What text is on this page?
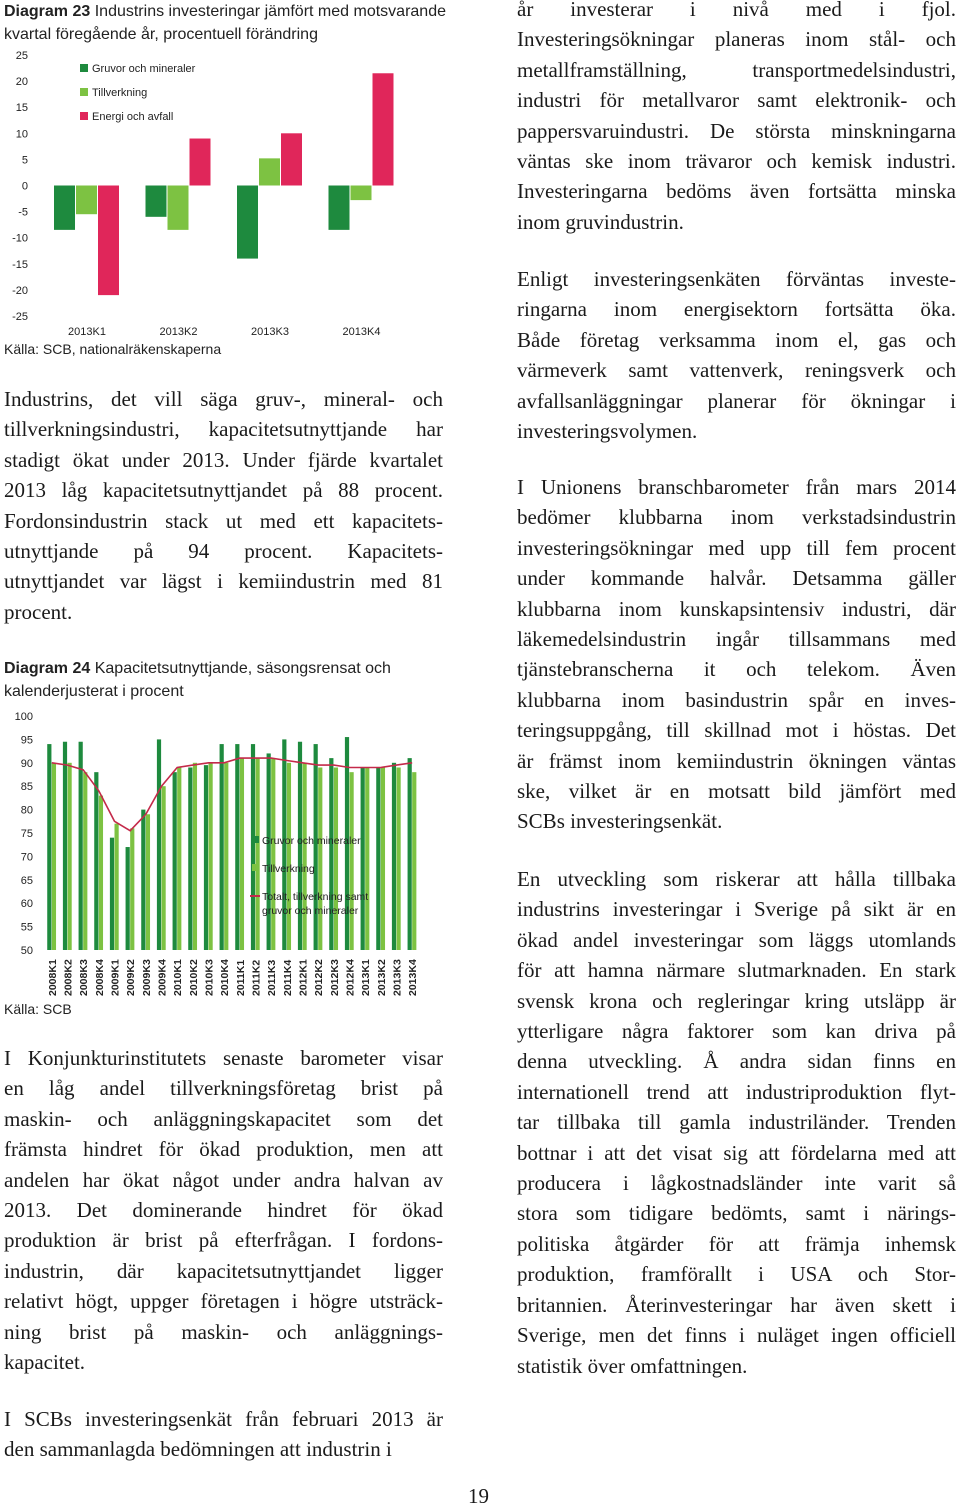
Diagram 23 Industrins investeringar jämfört med motsvarande
kvartal föregående år, procentuell förändring
25
20
15
10
5
0
-5
-10
-15
-20
-25
2013K1	2013K2	2013K3	2013K4
Gruvor och mineraler
Tillverkning
Energi och avfall
Källa: SCB, nationalräkenskaperna
Diagram 24 Kapacitetsutnyttjande, säsongsrensat och
kalenderjusterat i procent
100
95
90
85
80
75
70
65
60
55
50
2008K1 2008K2 2008K3 2008K4 2009K1 2009K2 2009K3 2009K4 2010K1 2010K2 2010K3 2010K4 2011K1 2011K2 2011K3 2011K4 2012K1 2012K2 2012K3 2012K4 2013K1 2013K2 2013K3 2013K4
Gruvor och mineraler
Tillverkning
Totalt, tillverkning samt
gruvor och mineraler
Källa: SCB
Industrins, det vill säga gruv-, mineral- och
tillverkningsindustri, kapacitetsutnyttjande har
stadigt ökat under 2013. Under fjärde kvartalet
2013 låg kapacitetsutnyttjandet på 88 procent.
Fordonsindustrin stack ut med ett kapacitets-
utnyttjande på 94 procent. Kapacitets-
utnyttjandet var lägst i kemiindustrin med 81
procent.
I Konjunkturinstitutets senaste barometer visar
en låg andel tillverkningsföretag brist på
maskin- och anläggningskapacitet som det
främsta hindret för ökad produktion, men att
andelen har ökat något under andra halvan av
2013. Det dominerande hindret för ökad
produktion är brist på efterfrågan. I fordons-
industrin, där kapacitetsutnyttjandet ligger
relativt högt, uppger företagen i högre utsträck-
ning brist på maskin- och anläggnings-
kapacitet.
I SCBs investeringsenkät från februari 2013 är
den sammanlagda bedömningen att industrin i
år investerar i nivå med i fjol.
Investeringsökningar planeras inom stål- och
metallframställning, transportmedelsindustri,
industri för metallvaror samt elektronik- och
pappersvaruindustri. De största minskningarna
väntas ske inom trävaror och kemisk industri.
Investeringarna bedöms även fortsätta minska
inom gruvindustrin.
Enligt investeringsenkäten förväntas investe-
ringarna inom energisektorn fortsätta öka.
Både företag verksamma inom el, gas och
värmeverk samt vattenverk, reningsverk och
avfallsanläggningar planerar för ökningar i
investeringsvolymen.
I Unionens branschbarometer från mars 2014
bedömer klubbarna inom verkstadsindustrin
investeringsökningar med upp till fem procent
under kommande halvår. Detsamma gäller
klubbarna inom kunskapsintensiv industri, där
läkemedelsindustrin ingår tillsammans med
tjänstebranscherna it och telekom. Även
klubbarna inom basindustrin spår en inves-
teringsuppgång, till skillnad mot i höstas. Det
är främst inom kemiindustrin ökningen väntas
ske, vilket är en motsatt bild jämfört med
SCBs investeringsenkät.
En utveckling som riskerar att hålla tillbaka
industrins investeringar i Sverige på sikt är en
ökad andel investeringar som läggs utomlands
för att hamna närmare slutmarknaden. En stark
svensk krona och regleringar kring utsläpp är
ytterligare några faktorer som kan driva på
denna utveckling. Å andra sidan finns en
internationell trend att industriproduktion flyt-
tar tillbaka till gamla industriländer. Trenden
bottnar i att det visat sig att fördelarna med att
producera i lågkostnadsländer inte varit så
stora som tidigare bedömts, samt i närings-
politiska åtgärder för att främja inhemsk
produktion, framförallt i USA och Stor-
britannien. Återinvesteringar har även skett i
Sverige, men det finns i nuläget ingen officiell
statistik över omfattningen.
19
